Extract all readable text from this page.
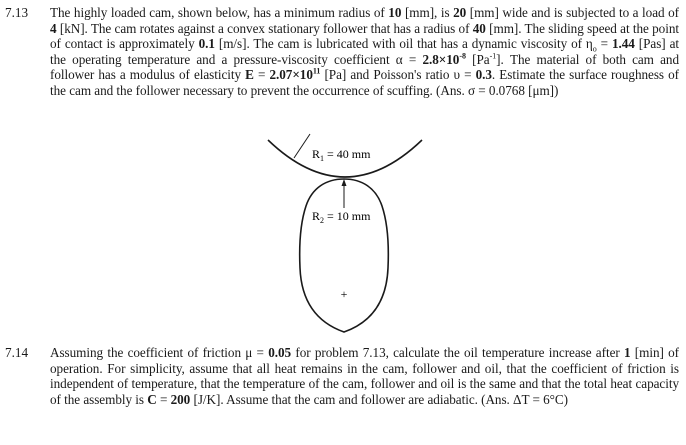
7.13 The highly loaded cam, shown below, has a minimum radius of 10 [mm], is 20 [mm] wide and is subjected to a load of 4 [kN]. The cam rotates against a convex stationary follower that has a radius of 40 [mm]. The sliding speed at the point of contact is approximately 0.1 [m/s]. The cam is lubricated with oil that has a dynamic viscosity of $\eta_o = 1.44$ [Pas] at the operating temperature and a pressure-viscosity coefficient $\alpha = 2.8\times 10^{-8}$ $[Pa^{-1}]$. The material of both cam and follower has a modulus of elasticity $E = 2.07\times 10^{11}$ [Pa] and Poisson's ratio υ = 0.3. Estimate the surface roughness of the cam and the follower necessary to prevent the occurrence of scuffing. (Ans. σ = 0.0768 [μm])
$R_1 = 40$ mm
$R_2 = 10$ mm
+
7.14 Assuming the coefficient of friction μ = 0.05 for problem 7.13, calculate the oil temperature increase after 1 [min] of operation. For simplicity, assume that all heat remains in the cam, follower and oil, that the coefficient of friction is independent of temperature, that the temperature of the cam, follower and oil is the same and that the total heat capacity of the assembly is C = 200 [J/K]. Assume that the cam and follower are adiabatic. (Ans. ΔT = 6°C)
